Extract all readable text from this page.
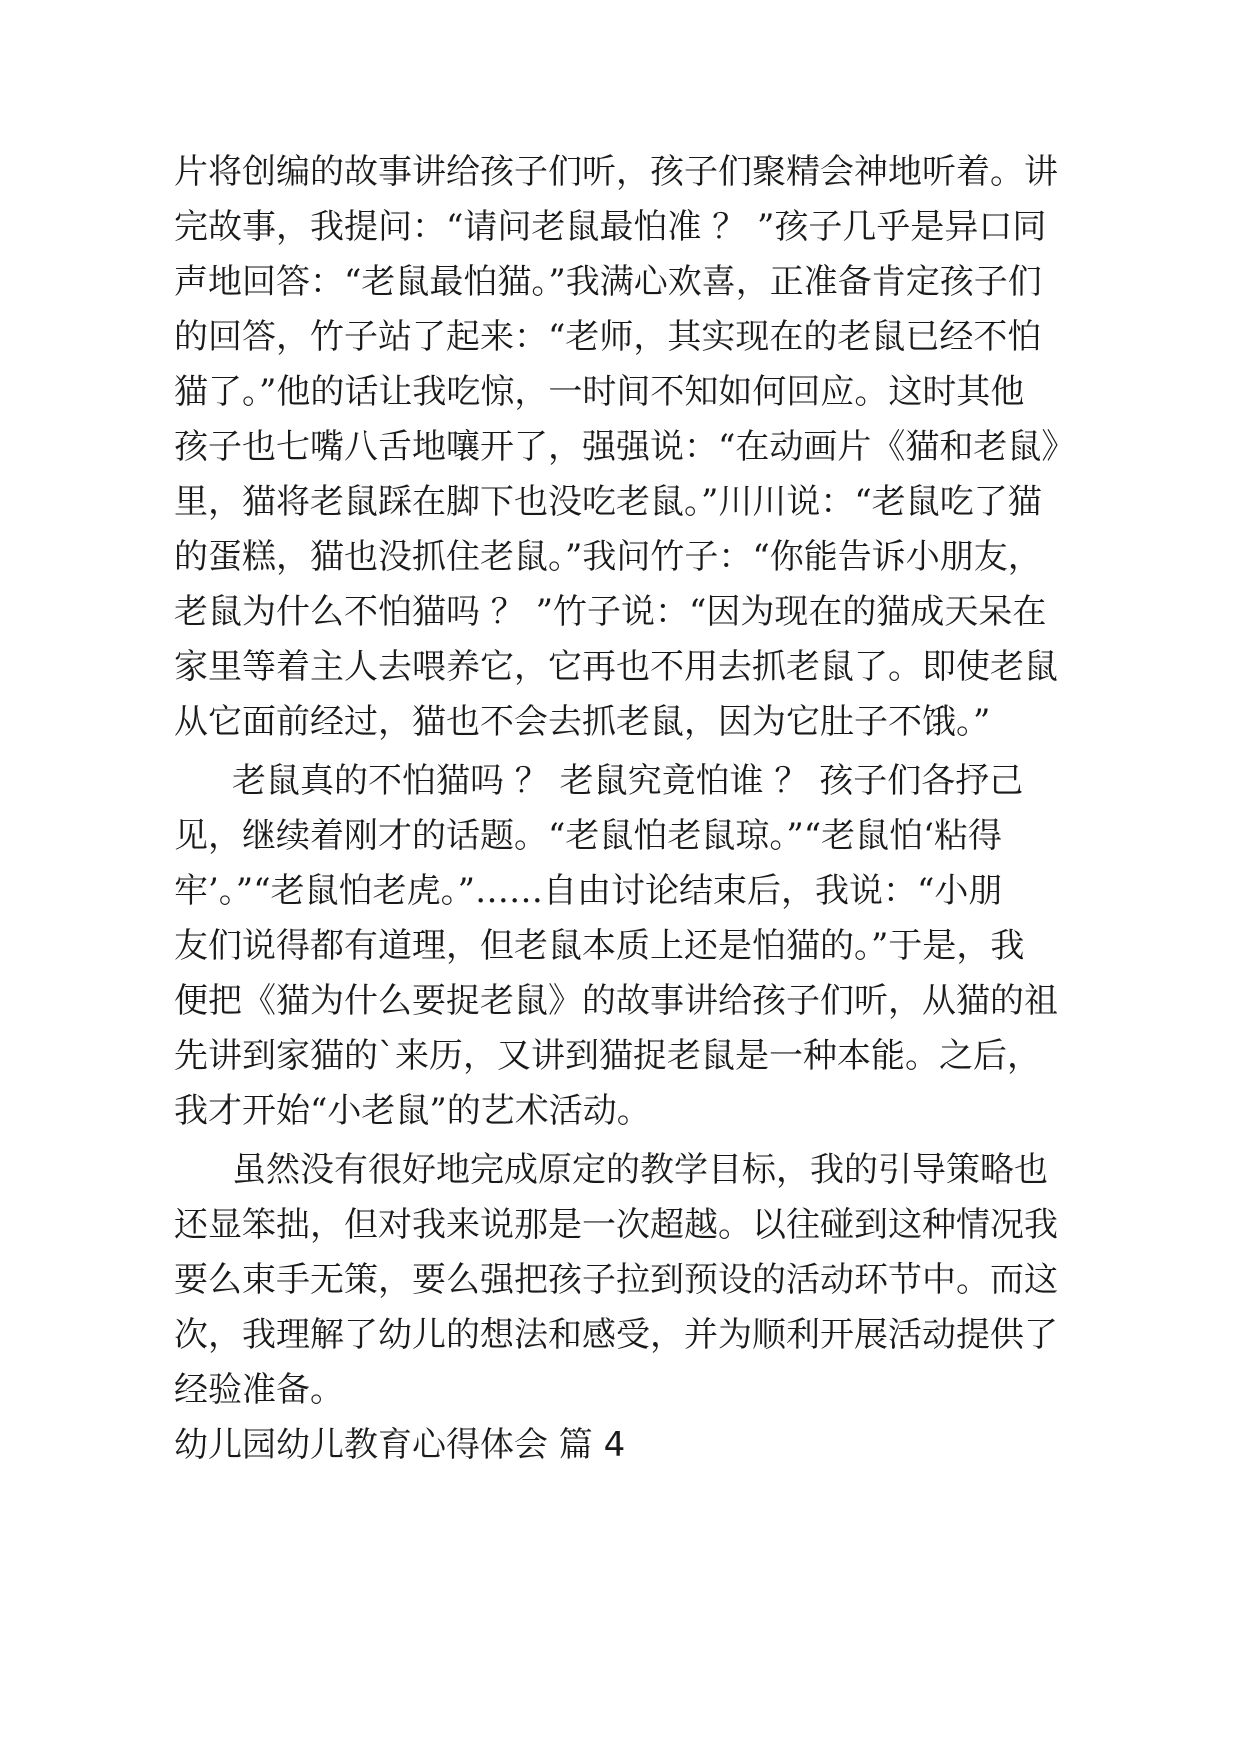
片将创编的故事讲给孩子们听，孩子们聚精会神地听着。讲
完故事，我提问：“请问老鼠最怕准 ？ ”孩子几乎是异口同
声地回答：“老鼠最怕猫。”我满心欢喜，正准备肯定孩子们
的回答，竹子站了起来：“老师，其实现在的老鼠已经不怕
猫了。”他的话让我吃惊，一时间不知如何回应。这时其他
孩子也七嘴八舌地嚷开了，强强说：“在动画片《猫和老鼠》
里，猫将老鼠踩在脚下也没吃老鼠。”川川说：“老鼠吃了猫
的蛋糕，猫也没抓住老鼠。”我问竹子：“你能告诉小朋友，
老鼠为什么不怕猫吗 ？ ”竹子说：“因为现在的猫成天呆在
家里等着主人去喂养它，它再也不用去抓老鼠了。即使老鼠
从它面前经过，猫也不会去抓老鼠，因为它肚子不饿。”
老鼠真的不怕猫吗 ？ 老鼠究竟怕谁 ？ 孩子们各抒己
见，继续着刚才的话题。“老鼠怕老鼠琼。”“老鼠怕‘粘得
牢’。”“老鼠怕老虎。”……自由讨论结束后，我说：“小朋
友们说得都有道理，但老鼠本质上还是怕猫的。”于是，我
便把《猫为什么要捉老鼠》的故事讲给孩子们听，从猫的祖
先讲到家猫的`来历，又讲到猫捉老鼠是一种本能。之后，
我才开始“小老鼠”的艺术活动。
虽然没有很好地完成原定的教学目标，我的引导策略也
还显笨拙，但对我来说那是一次超越。以往碰到这种情况我
要么束手无策，要么强把孩子拉到预设的活动环节中。而这
次，我理解了幼儿的想法和感受，并为顺利开展活动提供了
经验准备。
幼儿园幼儿教育心得体会 篇 4
